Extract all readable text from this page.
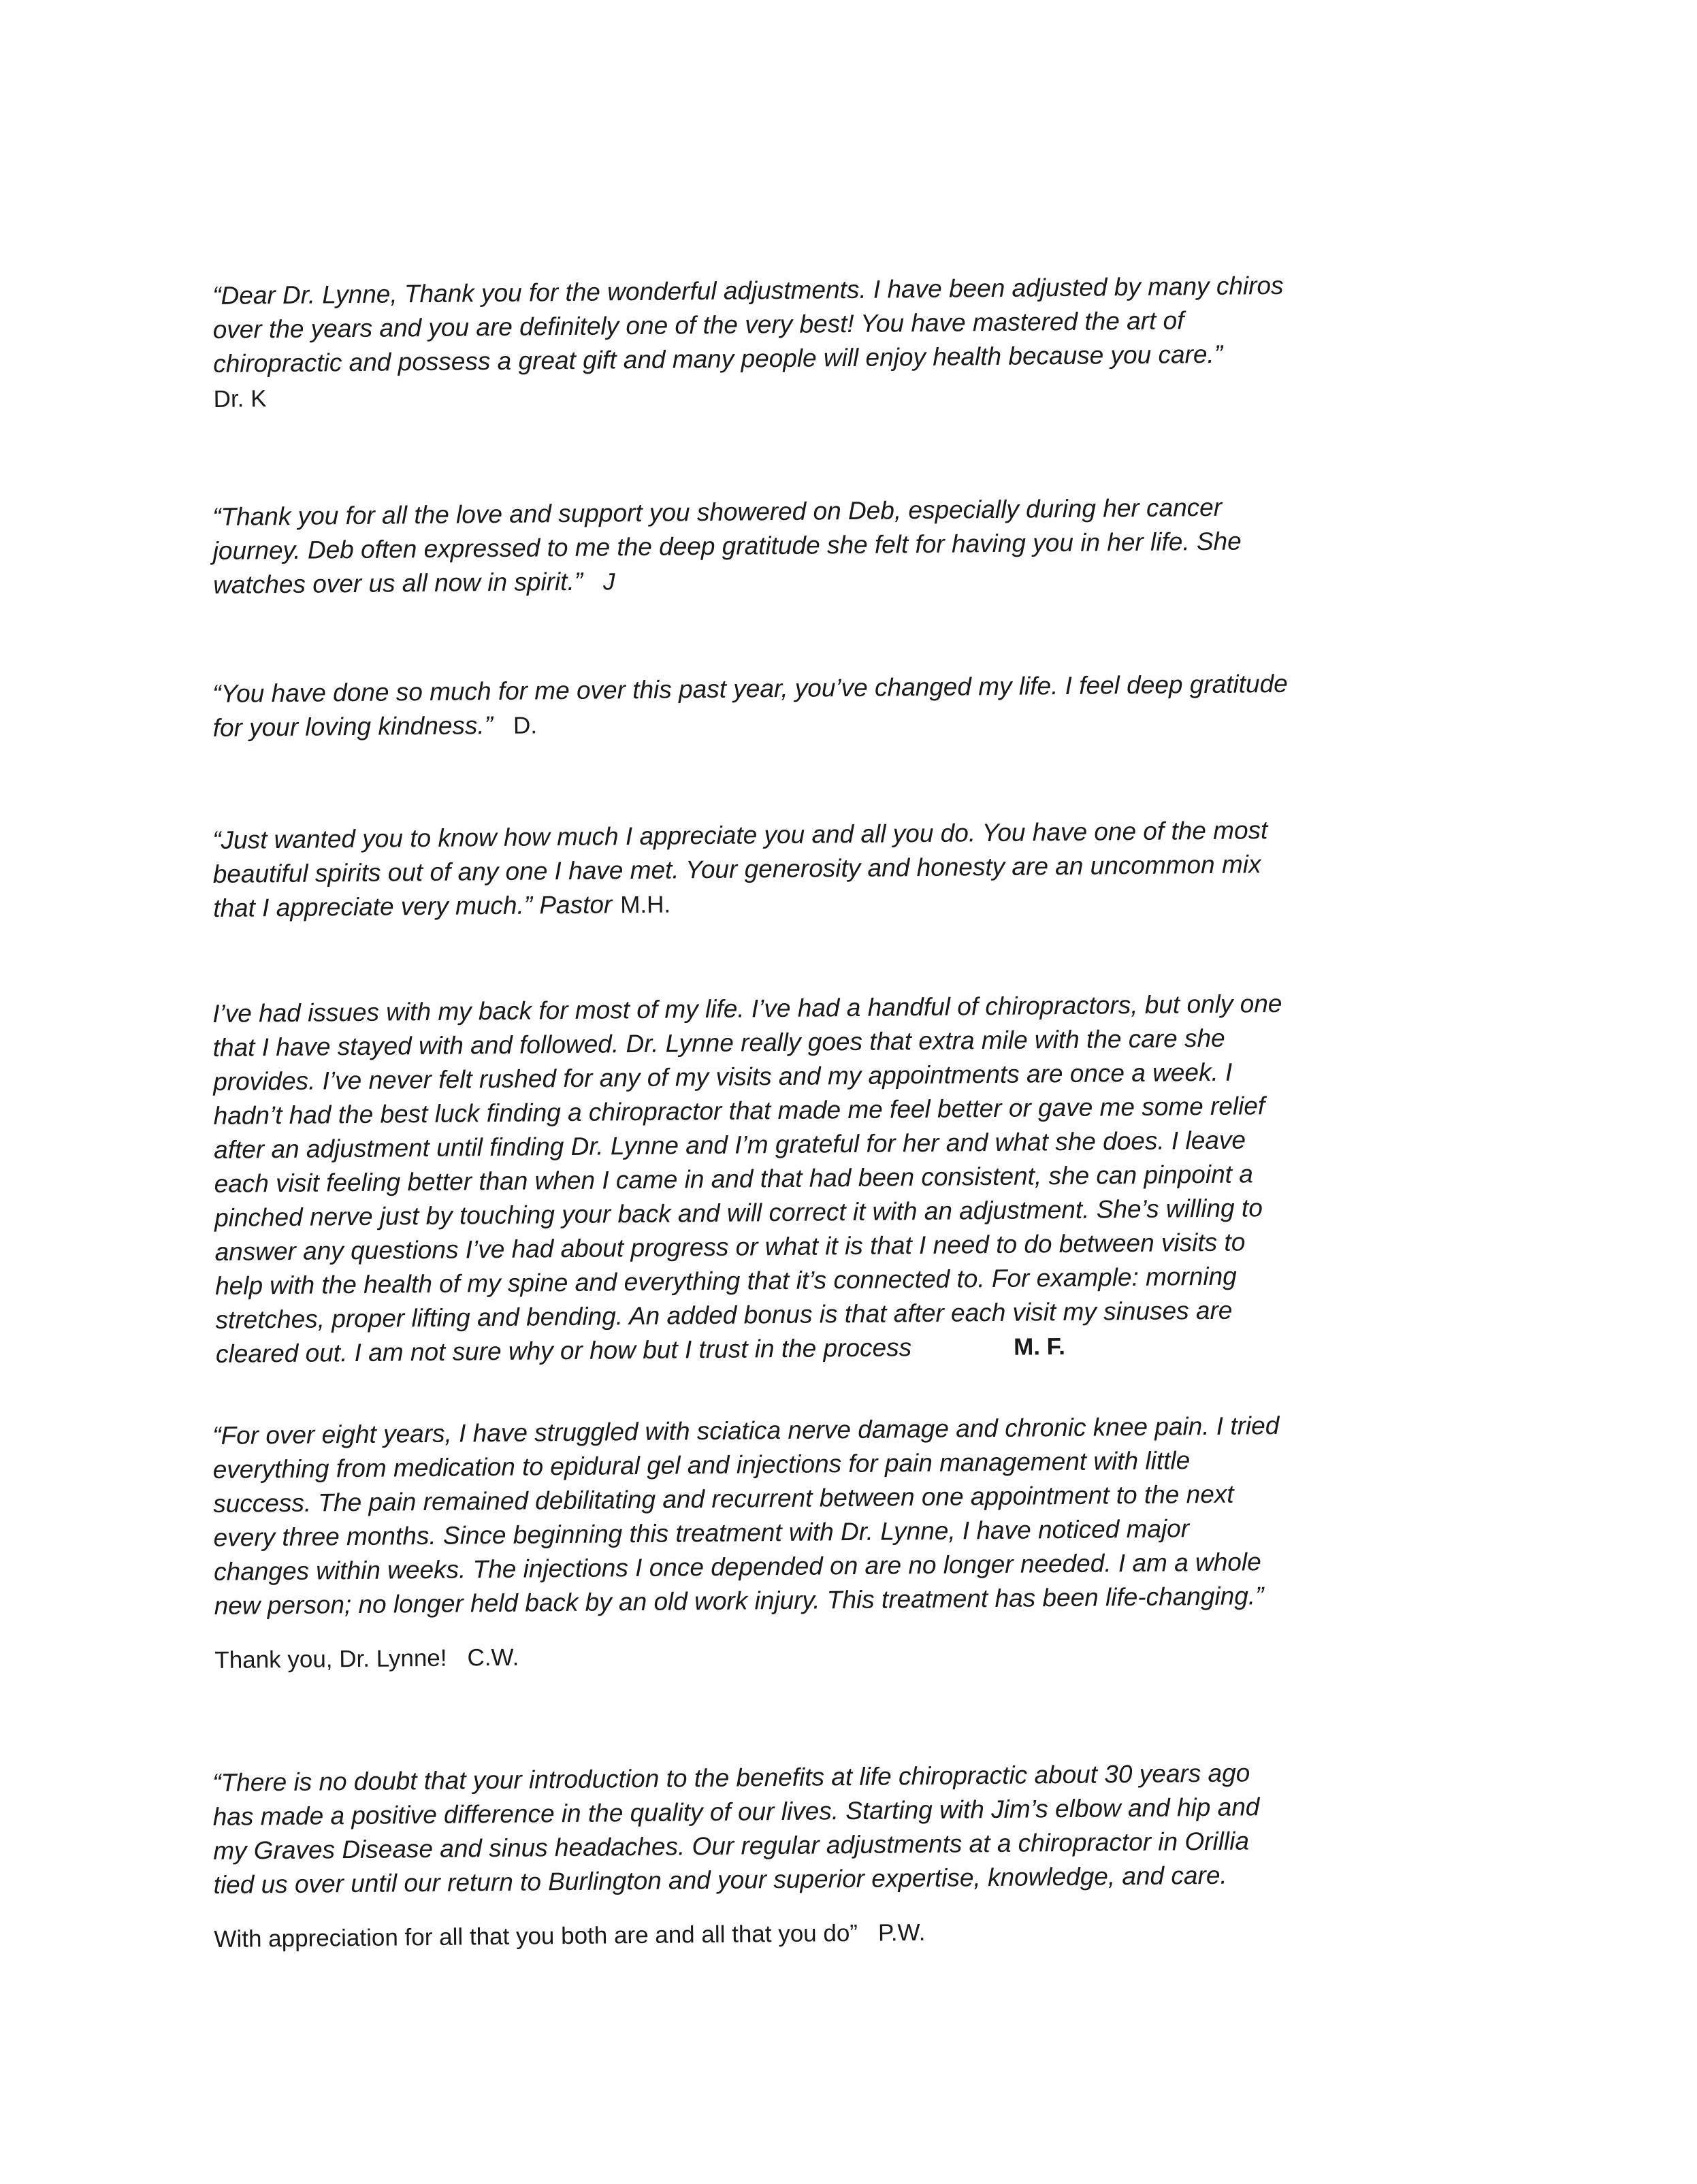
“Dear Dr. Lynne, Thank you for the wonderful adjustments. I have been adjusted by many chiros
over the years and you are definitely one of the very best! You have mastered the art of
chiropractic and possess a great gift and many people will enjoy health because you care.”

Dr. K

“Thank you for all the love and support you showered on Deb, especially during her cancer
journey. Deb often expressed to me the deep gratitude she felt for having you in her life. She
watches over us all now in spirit.” J

“You have done so much for me over this past year, you’ve changed my life. I feel deep gratitude
for your loving kindness.” D.

“Just wanted you to know how much I appreciate you and all you do. You have one of the most
beautiful spirits out of any one I have met. Your generosity and honesty are an uncommon mix
that I appreciate very much.” Pastor M.H.

I’ve had issues with my back for most of my life. I’ve had a handful of chiropractors, but only one
that I have stayed with and followed. Dr. Lynne really goes that extra mile with the care she
provides. I’ve never felt rushed for any of my visits and my appointments are once a week. I
hadn’t had the best luck finding a chiropractor that made me feel better or gave me some relief
after an adjustment until finding Dr. Lynne and I’m grateful for her and what she does. I leave
each visit feeling better than when I came in and that had been consistent, she can pinpoint a
pinched nerve just by touching your back and will correct it with an adjustment. She’s willing to
answer any questions I’ve had about progress or what it is that I need to do between visits to
help with the health of my spine and everything that it’s connected to. For example: morning
stretches, proper lifting and bending. An added bonus is that after each visit my sinuses are
cleared out. I am not sure why or how but I trust in the process	M. F.

“For over eight years, I have struggled with sciatica nerve damage and chronic knee pain. I tried
everything from medication to epidural gel and injections for pain management with little
success. The pain remained debilitating and recurrent between one appointment to the next
every three months. Since beginning this treatment with Dr. Lynne, I have noticed major
changes within weeks. The injections I once depended on are no longer needed. I am a whole
new person; no longer held back by an old work injury. This treatment has been life-changing.”

Thank you, Dr. Lynne! C.W.

“There is no doubt that your introduction to the benefits at life chiropractic about 30 years ago
has made a positive difference in the quality of our lives. Starting with Jim’s elbow and hip and
my Graves Disease and sinus headaches. Our regular adjustments at a chiropractor in Orillia
tied us over until our return to Burlington and your superior expertise, knowledge, and care.

With appreciation for all that you both are and all that you do” P.W.
